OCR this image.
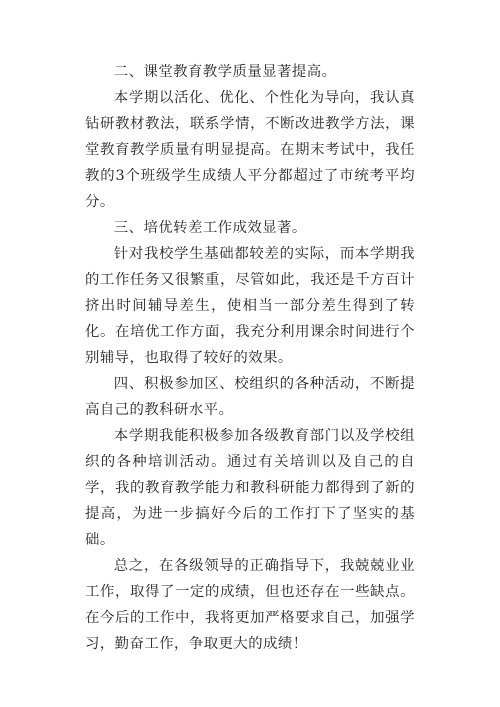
二、课堂教育教学质量显著提高。

本学期以活化、优化、个性化为导向，我认真钻研教材教法，联系学情，不断改进教学方法，课堂教育教学质量有明显提高。在期末考试中，我任教的3个班级学生成绩人平分都超过了市统考平均分。

三、培优转差工作成效显著。

针对我校学生基础都较差的实际，而本学期我的工作任务又很繁重，尽管如此，我还是千方百计挤出时间辅导差生，使相当一部分差生得到了转化。在培优工作方面，我充分利用课余时间进行个别辅导，也取得了较好的效果。

四、积极参加区、校组织的各种活动，不断提高自己的教科研水平。

本学期我能积极参加各级教育部门以及学校组织的各种培训活动。通过有关培训以及自己的自学，我的教育教学能力和教科研能力都得到了新的提高，为进一步搞好今后的工作打下了坚实的基础。

总之，在各级领导的正确指导下，我兢兢业业工作，取得了一定的成绩，但也还存在一些缺点。在今后的工作中，我将更加严格要求自己，加强学习，勤奋工作，争取更大的成绩！
